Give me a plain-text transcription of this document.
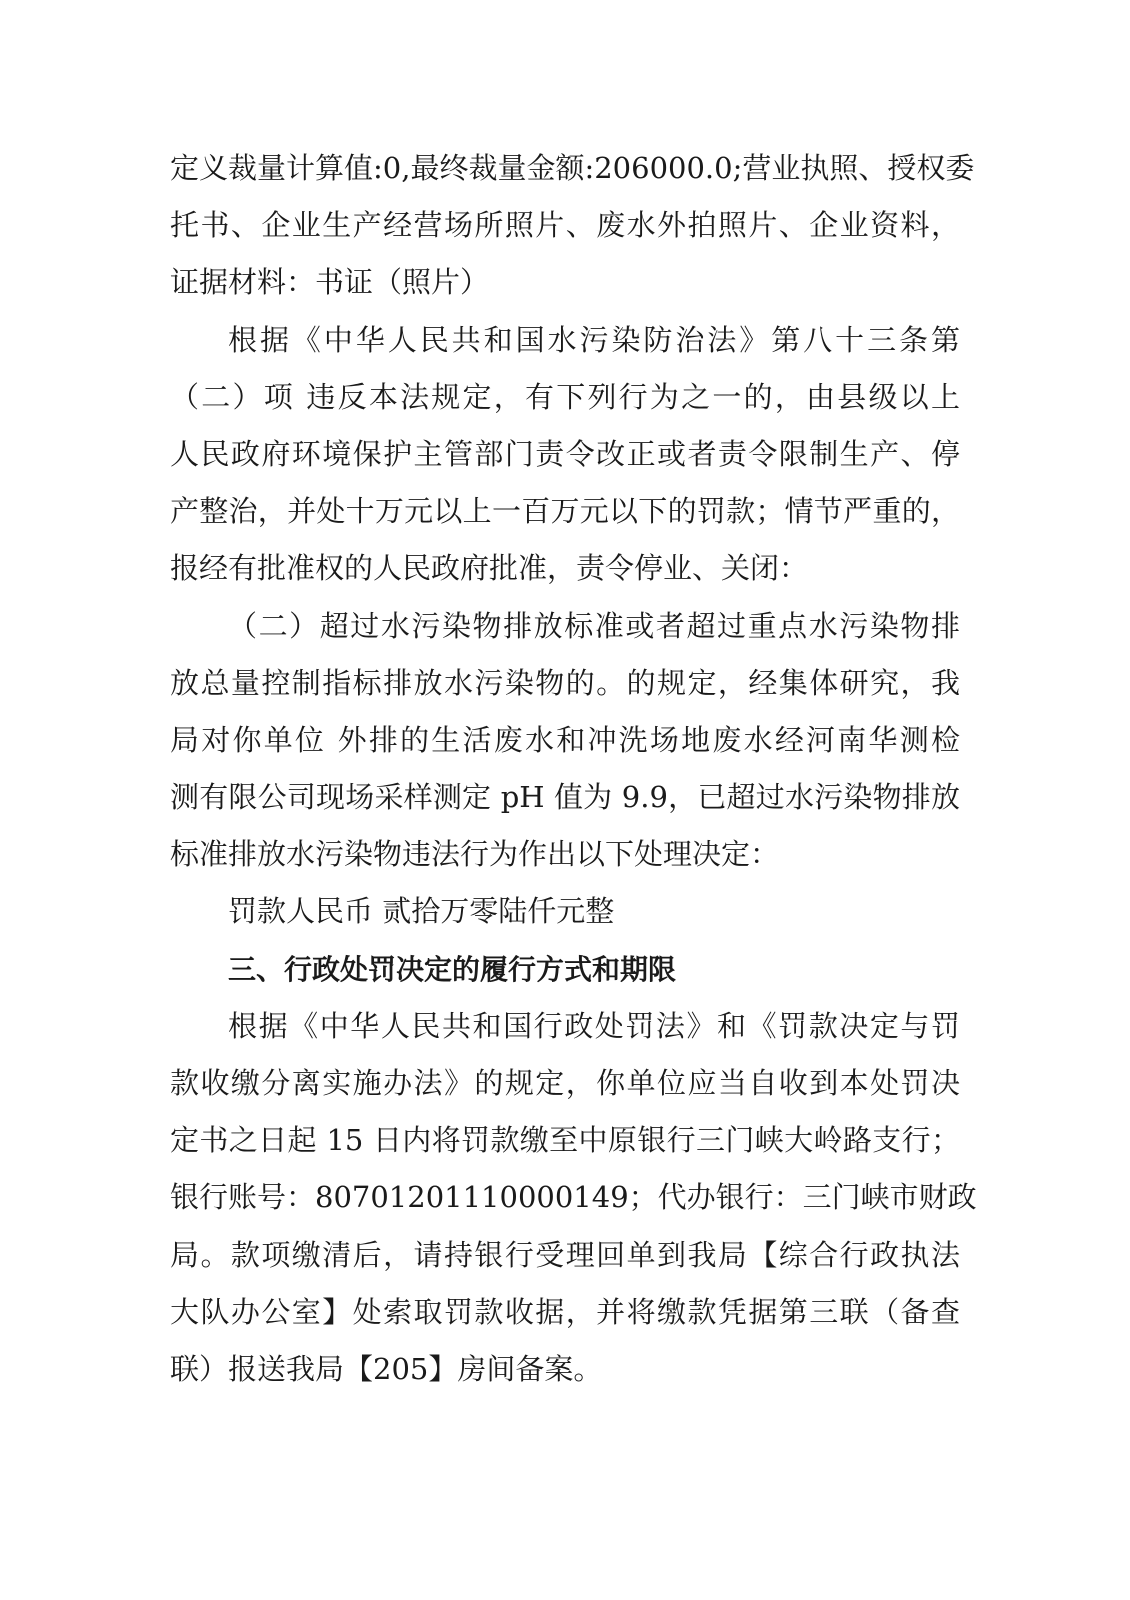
定义裁量计算值:0,最终裁量金额:206000.0;营业执照、授权委
托书、企业生产经营场所照片、废水外拍照片、企业资料，
证据材料：书证（照片）
根据《中华人民共和国水污染防治法》第八十三条第
（二）项 违反本法规定，有下列行为之一的，由县级以上
人民政府环境保护主管部门责令改正或者责令限制生产、停
产整治，并处十万元以上一百万元以下的罚款；情节严重的，
报经有批准权的人民政府批准，责令停业、关闭：
（二）超过水污染物排放标准或者超过重点水污染物排
放总量控制指标排放水污染物的。的规定，经集体研究，我
局对你单位 外排的生活废水和冲洗场地废水经河南华测检
测有限公司现场采样测定 pH 值为 9.9，已超过水污染物排放
标准排放水污染物违法行为作出以下处理决定：
罚款人民币 贰拾万零陆仟元整
三、行政处罚决定的履行方式和期限
根据《中华人民共和国行政处罚法》和《罚款决定与罚
款收缴分离实施办法》的规定，你单位应当自收到本处罚决
定书之日起 15 日内将罚款缴至中原银行三门峡大岭路支行；
银行账号：80701201110000149；代办银行：三门峡市财政
局。款项缴清后，请持银行受理回单到我局【综合行政执法
大队办公室】处索取罚款收据，并将缴款凭据第三联（备查
联）报送我局【205】房间备案。
